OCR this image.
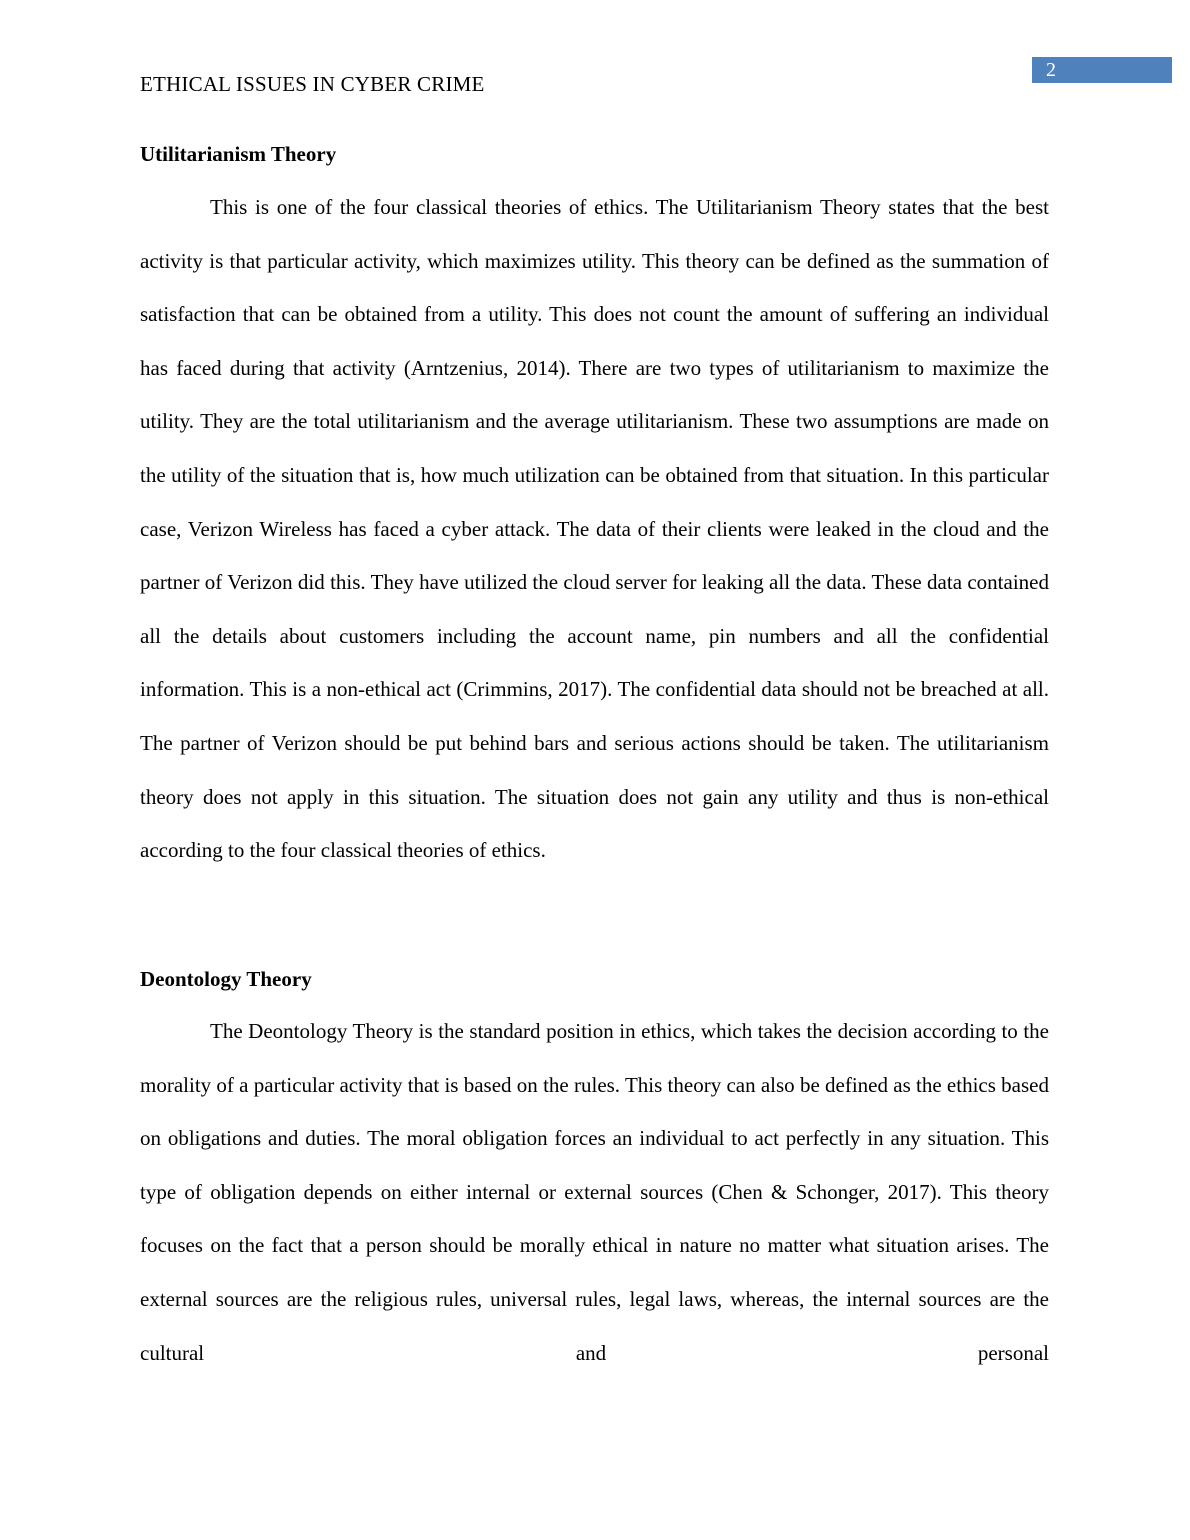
2
ETHICAL ISSUES IN CYBER CRIME
Utilitarianism Theory

This is one of the four classical theories of ethics. The Utilitarianism Theory states that the best activity is that particular activity, which maximizes utility. This theory can be defined as the summation of satisfaction that can be obtained from a utility. This does not count the amount of suffering an individual has faced during that activity (Arntzenius, 2014). There are two types of utilitarianism to maximize the utility. They are the total utilitarianism and the average utilitarianism. These two assumptions are made on the utility of the situation that is, how much utilization can be obtained from that situation. In this particular case, Verizon Wireless has faced a cyber attack. The data of their clients were leaked in the cloud and the partner of Verizon did this. They have utilized the cloud server for leaking all the data. These data contained all the details about customers including the account name, pin numbers and all the confidential information. This is a non-ethical act (Crimmins, 2017). The confidential data should not be breached at all. The partner of Verizon should be put behind bars and serious actions should be taken. The utilitarianism theory does not apply in this situation. The situation does not gain any utility and thus is non-ethical according to the four classical theories of ethics.

Deontology Theory

The Deontology Theory is the standard position in ethics, which takes the decision according to the morality of a particular activity that is based on the rules. This theory can also be defined as the ethics based on obligations and duties. The moral obligation forces an individual to act perfectly in any situation. This type of obligation depends on either internal or external sources (Chen & Schonger, 2017). This theory focuses on the fact that a person should be morally ethical in nature no matter what situation arises. The external sources are the religious rules, universal rules, legal laws, whereas, the internal sources are the cultural and personal
